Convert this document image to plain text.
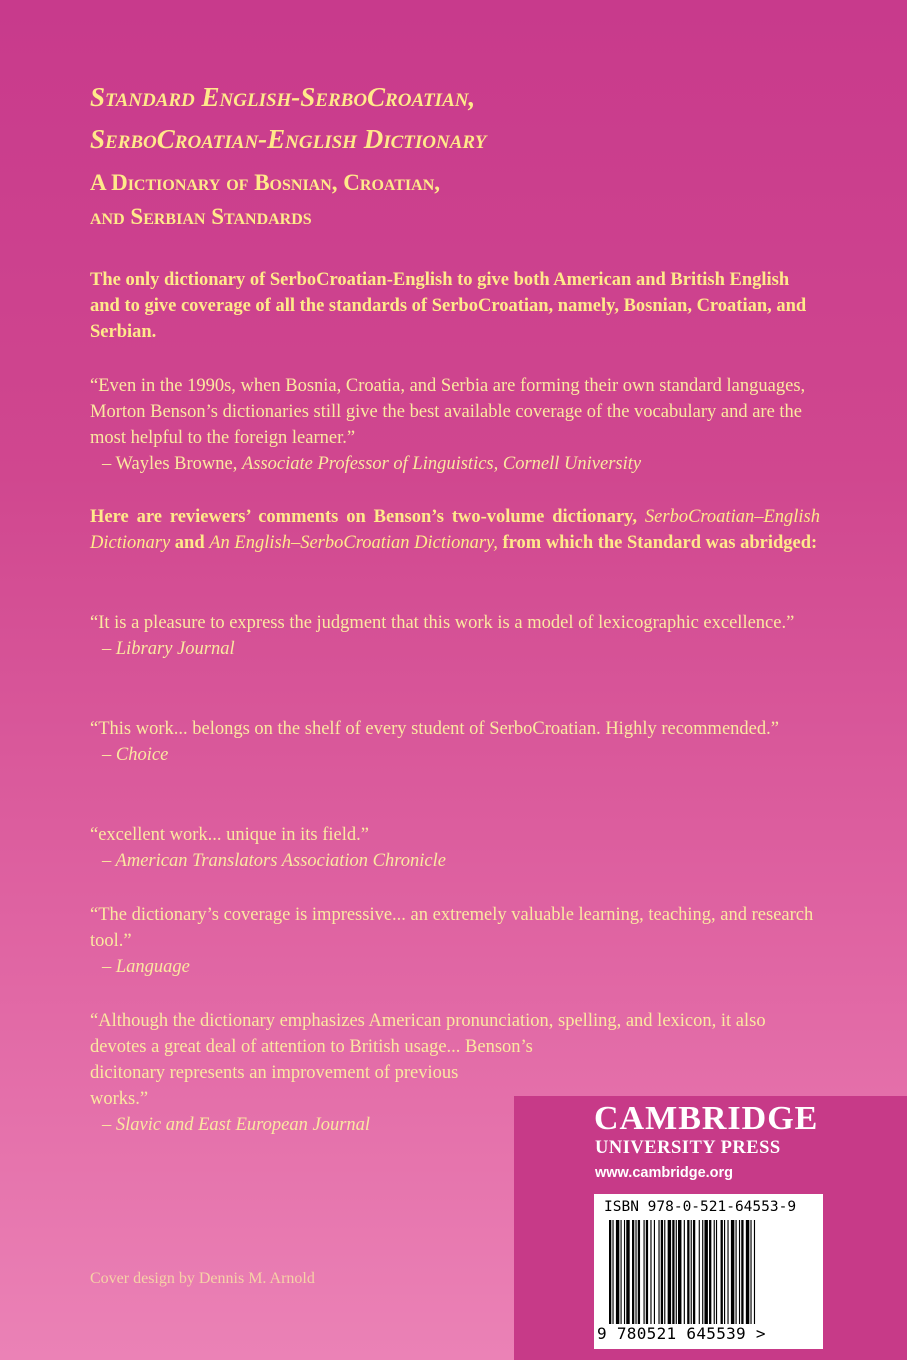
Standard English-SerboCroatian,
SerboCroatian-English Dictionary
A Dictionary of Bosnian, Croatian,
and Serbian Standards
The only dictionary of SerboCroatian-English to give both American and British English and to give coverage of all the standards of SerboCroatian, namely, Bosnian, Croatian, and Serbian.
“Even in the 1990s, when Bosnia, Croatia, and Serbia are forming their own standard languages, Morton Benson’s dictionaries still give the best available coverage of the vocabulary and are the most helpful to the foreign learner.”
– Wayles Browne, Associate Professor of Linguistics, Cornell University
Here are reviewers’ comments on Benson’s two-volume dictionary, SerboCroatian–English Dictionary and An English–SerboCroatian Dictionary, from which the Standard was abridged:
“It is a pleasure to express the judgment that this work is a model of lexicographic excellence.”
– Library Journal
“This work... belongs on the shelf of every student of SerboCroatian. Highly recommended.”
– Choice
“excellent work... unique in its field.”
– American Translators Association Chronicle
“The dictionary’s coverage is impressive... an extremely valuable learning, teaching, and research tool.”
– Language
“Although the dictionary emphasizes American pronunciation, spelling, and lexicon, it also devotes a great deal of attention to British usage... Benson’s
dicitonary represents an improvement of previous works.”
– Slavic and East European Journal
Cover design by Dennis M. Arnold
CAMBRIDGE
UNIVERSITY PRESS
www.cambridge.org
ISBN 978-0-521-64553-9
9 780521 645539 >
